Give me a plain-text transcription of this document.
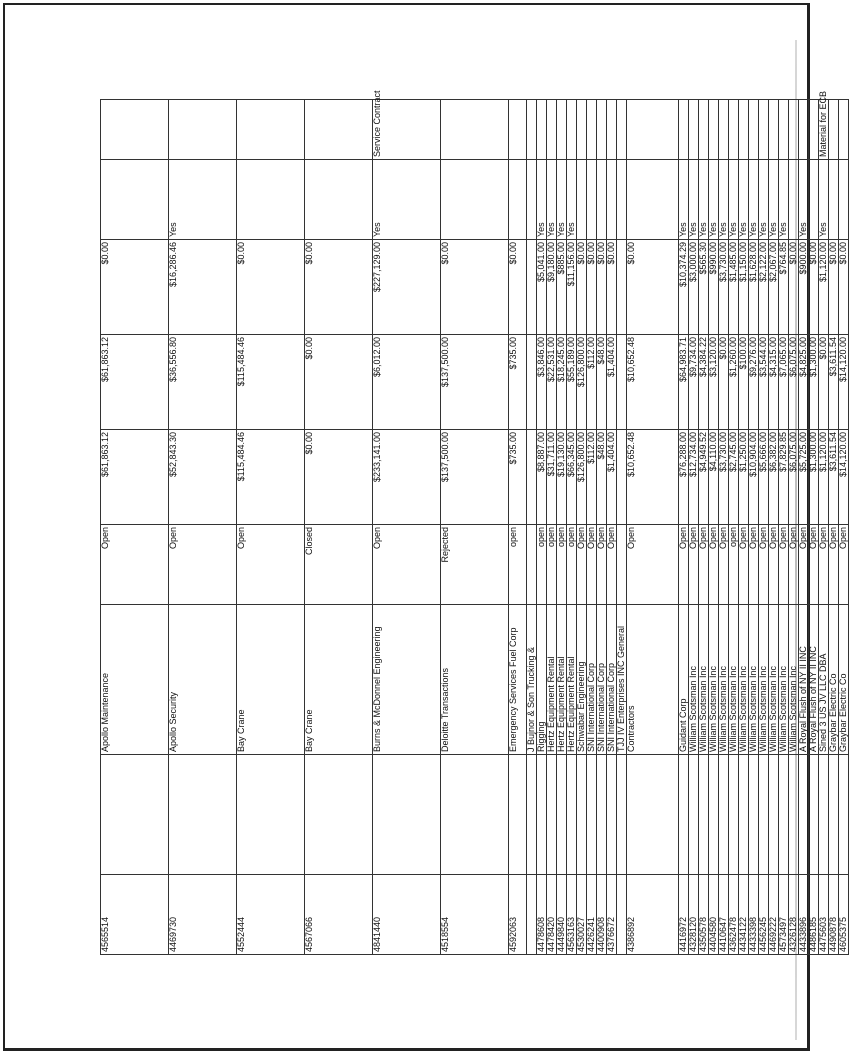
4565514		Apollo Maintenance	Open	$61,863.12	$61,863.12	$0.00		
4469730		Apollo Security	Open	$52,843.30	$36,556.80	$16,286.46	Yes	
4552444		Bay Crane	Open	$115,484.46	$115,484.46	$0.00		
4567066		Bay Crane	Closed	$0.00	$0.00	$0.00		
4841440		Burns & McDonnel Engineering	Open	$233,141.00	$6,012.00	$227,129.00	Yes	Service Contract
4518554		Deloitte Transactions	Rejected	$137,500.00	$137,500.00	$0.00		
4592063		Emergency Services Fuel Corp	open	$735.00	$735.00	$0.00		
		J Bujnor & Son Trucking &						
4478608		Rigging	open	$8,887.00	$3,846.00	$5,041.00	Yes	
4478420		Hertz Equipment Rental	open	$31,711.00	$22,531.00	$9,180.00	Yes	
4449840		Hertz Equipment Rental	open	$19,130.00	$18,245.00	$885.00	Yes	
4563163		Hertz Equipment Rental	open	$66,345.00	$55,189.00	$11,156.00	Yes	
4530027		Schwabar Engineering	Open	$126,800.00	$126,800.00	$0.00		
4426241		SNI International Corp	Open	$112.00	$112.00	$0.00		
4400908		SNI International Corp	Open	$48.00	$48.00	$0.00		
4376672		SNI International Corp	Open	$1,404.00	$1,404.00	$0.00		
		TJJ IV Enterprises INC General						
4386892		Contractors	Open	$10,652.48	$10,652.48	$0.00		
4416972		Guidant Corp	Open	$76,288.00	$64,983.71	$10,374.29	Yes	
4328120		William Scotsman Inc	Open	$12,734.00	$9,734.00	$3,000.00	Yes	
4350578		William Scotsman Inc	Open	$4,949.52	$4,384.22	$565.30	Yes	
4404580		William Scotsman Inc	Open	$4,110.00	$3,120.00	$990.00	Yes	
4410647		William Scotsman Inc	Open	$3,730.00	$0.00	$3,730.00	Yes	
4362478		William Scotsman Inc	open	$2,745.00	$1,260.00	$1,485.00	Yes	
4434122		William Scotsman Inc	Open	$1,250.00	$100.00	$1,150.00	Yes	
4433398		William Scotsman Inc	Open	$10,904.00	$9,276.00	$1,628.00	Yes	
4456245		William Scotsman Inc	Open	$5,666.00	$3,544.00	$2,122.00	Yes	
4469222		William Scotsman Inc	Open	$6,382.00	$4,315.00	$2,067.00	Yes	
4573497		William Scotsman Inc	Open	$7,829.85	$7,065.00	$764.85	Yes	
4326128		William Scotsman Inc	Open	$6,075.00	$6,075.00	$0.00		
4433896		A Royal Flush of NY II INC	Open	$5,725.00	$4,825.00	$900.00	Yes	
4486185		A Royal Flush of NY II INC	Open	$1,300.00	$1,300.00	$0.00		
4475603		Sined 3 US JV LLC DBA	Open	$1,120.00	$0.00	$1,120.00	Yes	Material for ECB
4490878		Graybar Electric Co	Open	$3,611.54	$3,611.54	$0.00		
4605375		Graybar Electric Co	Open	$14,120.00	$14,120.00	$0.00		
